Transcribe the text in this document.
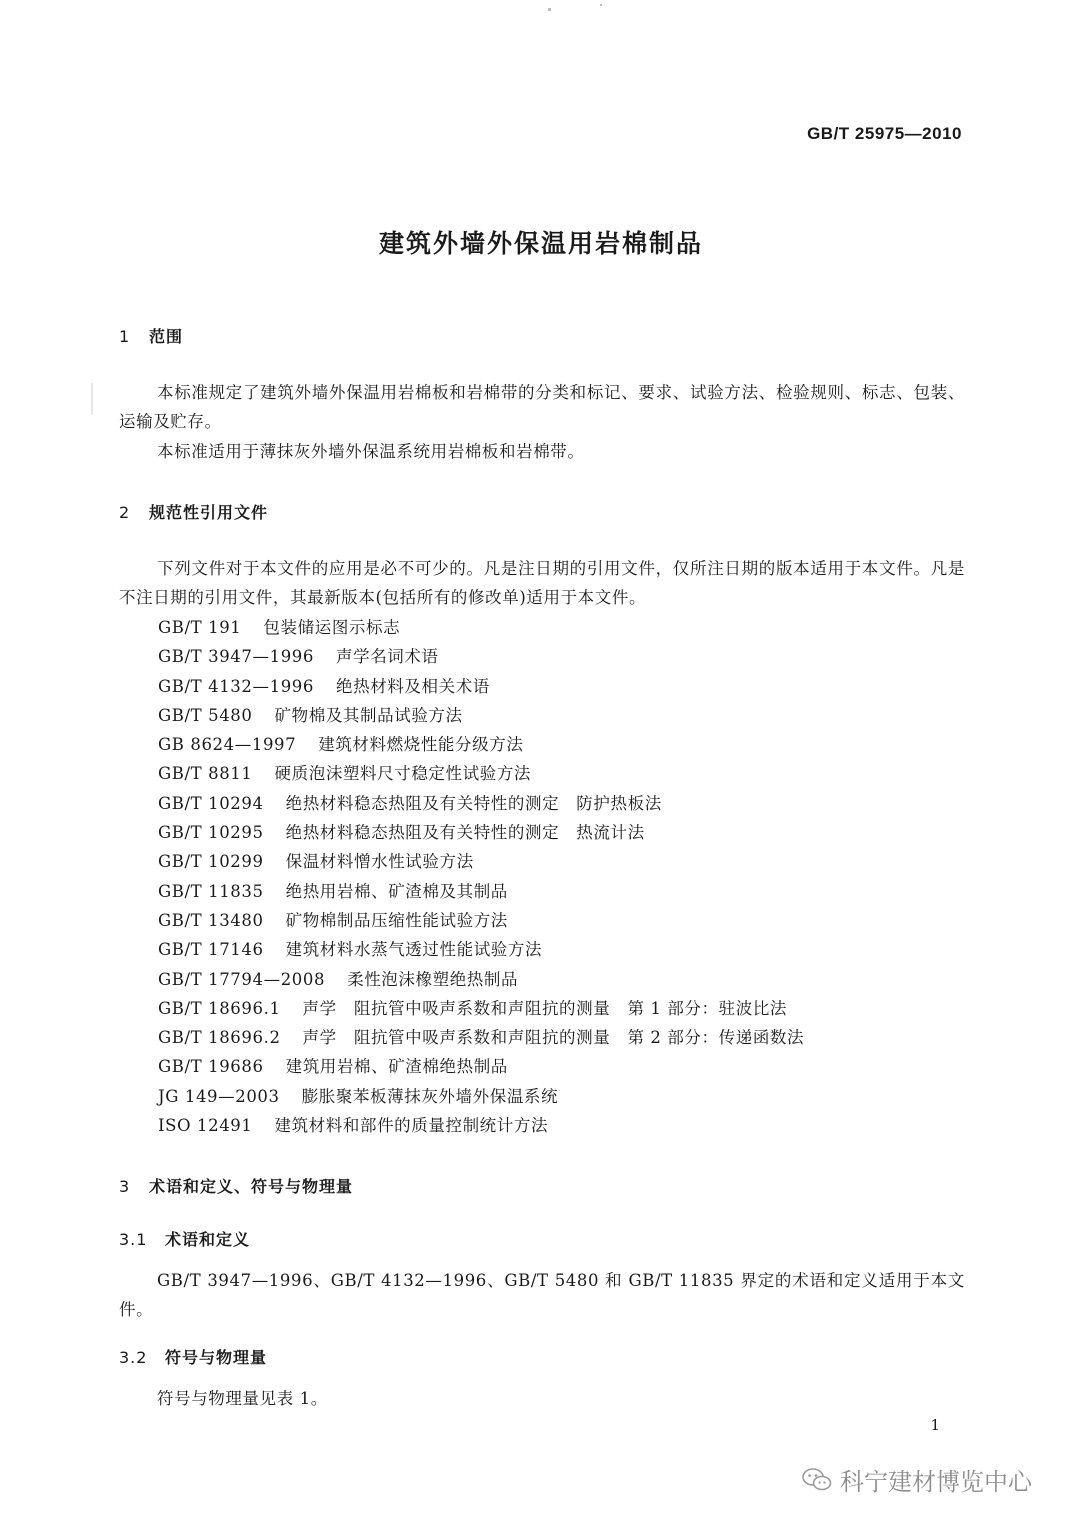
GB/T 25975—2010
建筑外墙外保温用岩棉制品
1 范围
本标准规定了建筑外墙外保温用岩棉板和岩棉带的分类和标记、要求、试验方法、检验规则、标志、包装、运输及贮存。
本标准适用于薄抹灰外墙外保温系统用岩棉板和岩棉带。
2 规范性引用文件
下列文件对于本文件的应用是必不可少的。凡是注日期的引用文件，仅所注日期的版本适用于本文件。凡是不注日期的引用文件，其最新版本(包括所有的修改单)适用于本文件。
GB/T 191 包装储运图示标志
GB/T 3947—1996 声学名词术语
GB/T 4132—1996 绝热材料及相关术语
GB/T 5480 矿物棉及其制品试验方法
GB 8624—1997 建筑材料燃烧性能分级方法
GB/T 8811 硬质泡沫塑料尺寸稳定性试验方法
GB/T 10294 绝热材料稳态热阻及有关特性的测定　防护热板法
GB/T 10295 绝热材料稳态热阻及有关特性的测定　热流计法
GB/T 10299 保温材料憎水性试验方法
GB/T 11835 绝热用岩棉、矿渣棉及其制品
GB/T 13480 矿物棉制品压缩性能试验方法
GB/T 17146 建筑材料水蒸气透过性能试验方法
GB/T 17794—2008 柔性泡沫橡塑绝热制品
GB/T 18696.1 声学　阻抗管中吸声系数和声阻抗的测量　第 1 部分：驻波比法
GB/T 18696.2 声学　阻抗管中吸声系数和声阻抗的测量　第 2 部分：传递函数法
GB/T 19686 建筑用岩棉、矿渣棉绝热制品
JG 149—2003 膨胀聚苯板薄抹灰外墙外保温系统
ISO 12491 建筑材料和部件的质量控制统计方法
3 术语和定义、符号与物理量
3.1 术语和定义
GB/T 3947—1996、GB/T 4132—1996、GB/T 5480 和 GB/T 11835 界定的术语和定义适用于本文件。
3.2 符号与物理量
符号与物理量见表 1。
1
科宁建材博览中心
